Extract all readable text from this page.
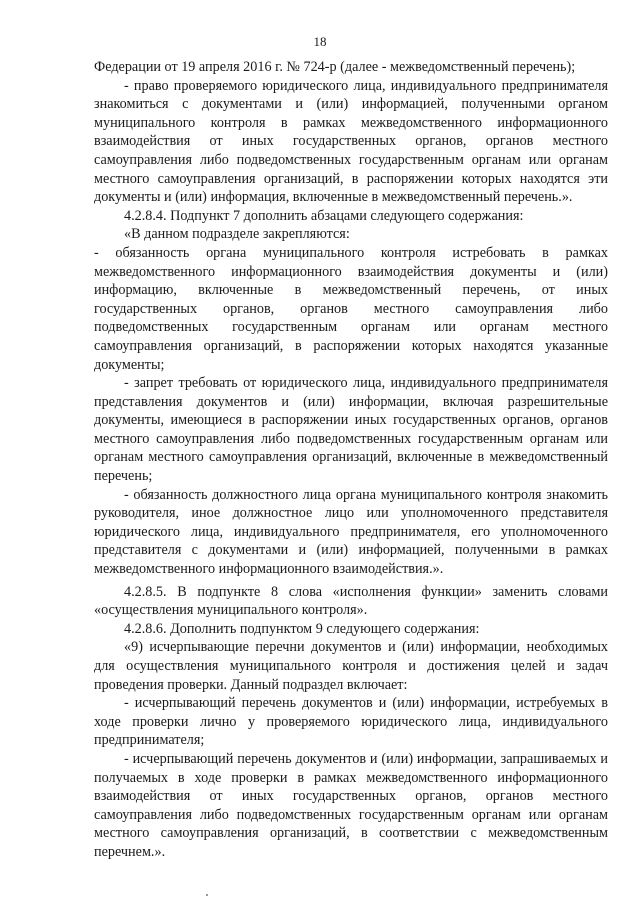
18

Федерации от 19 апреля 2016 г. № 724-р (далее - межведомственный перечень);

- право проверяемого юридического лица, индивидуального предпринимателя знакомиться с документами и (или) информацией, полученными органом муниципального контроля в рамках межведомственного информационного взаимодействия от иных государственных органов, органов местного самоуправления либо подведомственных государственным органам или органам местного самоуправления организаций, в распоряжении которых находятся эти документы и (или) информация, включенные в межведомственный перечень.».

4.2.8.4. Подпункт 7 дополнить абзацами следующего содержания:

«В данном подразделе закрепляются:

- обязанность органа муниципального контроля истребовать в рамках межведомственного информационного взаимодействия документы и (или) информацию, включенные в межведомственный перечень, от иных государственных органов, органов местного самоуправления либо подведомственных государственным органам или органам местного самоуправления организаций, в распоряжении которых находятся указанные документы;

- запрет требовать от юридического лица, индивидуального предпринимателя представления документов и (или) информации, включая разрешительные документы, имеющиеся в распоряжении иных государственных органов, органов местного самоуправления либо подведомственных государственным органам или органам местного самоуправления организаций, включенные в межведомственный перечень;

- обязанность должностного лица органа муниципального контроля знакомить руководителя, иное должностное лицо или уполномоченного представителя юридического лица, индивидуального предпринимателя, его уполномоченного представителя с документами и (или) информацией, полученными в рамках межведомственного информационного взаимодействия.».

4.2.8.5. В подпункте 8 слова «исполнения функции» заменить словами «осуществления муниципального контроля».

4.2.8.6. Дополнить подпунктом 9 следующего содержания:

«9) исчерпывающие перечни документов и (или) информации, необходимых для осуществления муниципального контроля и достижения целей и задач проведения проверки. Данный подраздел включает:

- исчерпывающий перечень документов и (или) информации, истребуемых в ходе проверки лично у проверяемого юридического лица, индивидуального предпринимателя;

- исчерпывающий перечень документов и (или) информации, запрашиваемых и получаемых в ходе проверки в рамках межведомственного информационного взаимодействия от иных государственных органов, органов местного самоуправления либо подведомственных государственным органам или органам местного самоуправления организаций, в соответствии с межведомственным перечнем.».
